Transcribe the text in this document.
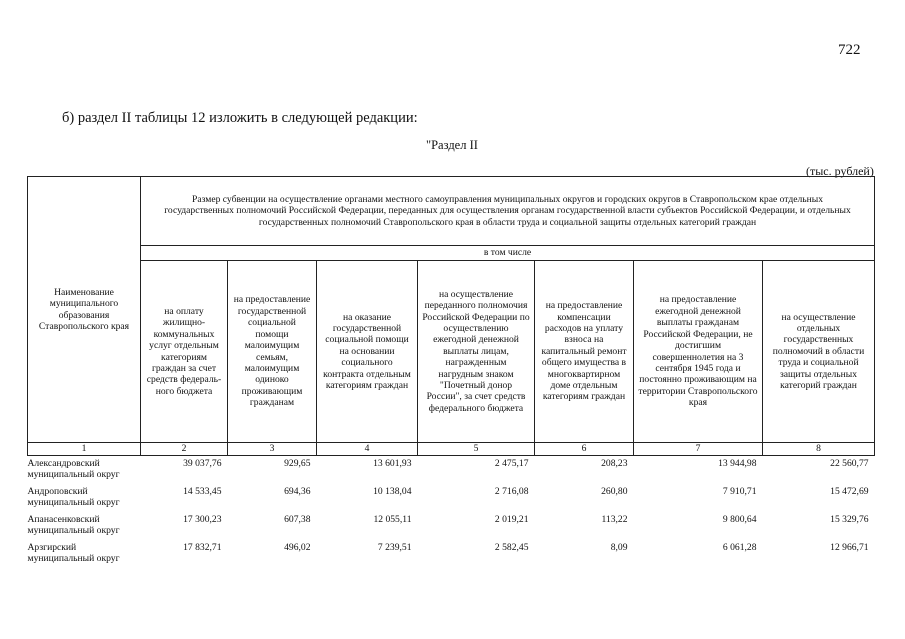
722
б) раздел II таблицы 12 изложить в следующей редакции:
"Раздел II
(тыс. рублей)
Наименование муниципального образования Ставропольского края	Размер субвенции на осуществление органами местного самоуправления муниципальных округов и городских округов в Ставропольском крае отдельных государственных полномочий Российской Федерации, переданных для осуществления органам государственной власти субъектов Российской Федерации, и отдельных государственных полномочий Ставропольского края в области труда и социальной защиты отдельных категорий граждан						
	в том числе						
	на оплату жилищно-коммунальных услуг отдельным категориям граждан за счет средств федераль-ного бюджета	на предоставление государственной социальной помощи малоимущим семьям, малоимущим одиноко проживающим гражданам	на оказание государственной социальной помощи на основании социального контракта отдельным категориям граждан	на осуществление переданного полномочия Российской Федерации по осуществлению ежегодной денежной выплаты лицам, награжденным нагрудным знаком "Почетный донор России", за счет средств федерального бюджета	на предоставление компенсации расходов на уплату взноса на капитальный ремонт общего имущества в многоквартирном доме отдельным категориям граждан	на предоставление ежегодной денежной выплаты гражданам Российской Федерации, не достигшим совершеннолетия на 3 сентября 1945 года и постоянно проживающим на территории Ставропольского края	на осуществление отдельных государственных полномочий в области труда и социальной защиты отдельных категорий граждан
1	2	3	4	5	6	7	8
Александровский муниципальный округ	39 037,76	929,65	13 601,93	2 475,17	208,23	13 944,98	22 560,77
Андроповский муниципальный округ	14 533,45	694,36	10 138,04	2 716,08	260,80	7 910,71	15 472,69
Апанасенковский муниципальный округ	17 300,23	607,38	12 055,11	2 019,21	113,22	9 800,64	15 329,76
Арзгирский муниципальный округ	17 832,71	496,02	7 239,51	2 582,45	8,09	6 061,28	12 966,71
